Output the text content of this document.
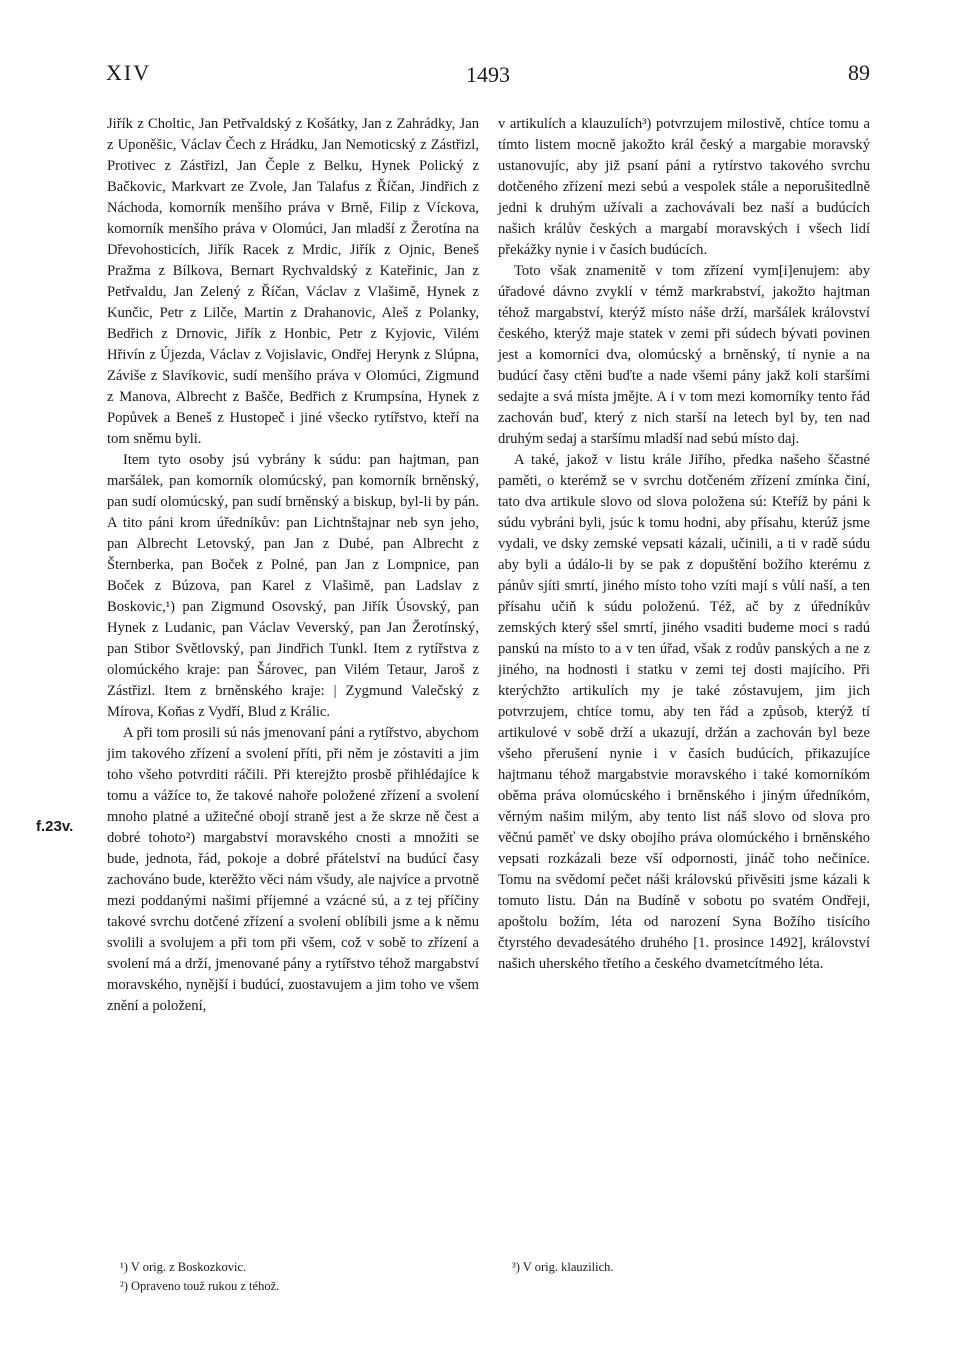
XIV	1493	89
f.23v.

Jiřík z Choltic, Jan Petřvaldský z Košátky, Jan z Zahrádky, Jan z Uponěšic, Václav Čech z Hrádku, Jan Nemoticský z Zástřizl, Protivec z Zástřizl, Jan Čeple z Belku, Hynek Polický z Bačkovic, Markvart ze Zvole, Jan Talafus z Říčan, Jindřich z Náchoda, komorník menšího práva v Brně, Filip z Víckova, komorník menšího práva v Olomúci, Jan mladší z Žerotína na Dřevohosticích, Jiřík Racek z Mrdic, Jiřík z Ojnic, Beneš Pražma z Bílkova, Bernart Rychvaldský z Kateřinic, Jan z Petřvaldu, Jan Zelený z Říčan, Václav z Vlašimě, Hynek z Kunčic, Petr z Lilče, Martin z Drahanovic, Aleš z Polanky, Bedřich z Drnovic, Jiřík z Honbic, Petr z Kyjovic, Vilém Hřivín z Újezda, Václav z Vojislavic, Ondřej Herynk z Slúpna, Záviše z Slavíkovic, sudí menšího práva v Olomúci, Zigmund z Manova, Albrecht z Bašče, Bedřich z Krumpsína, Hynek z Popůvek a Beneš z Hustopeč i jiné všecko rytířstvo, kteří na tom sněmu byli.

Item tyto osoby jsú vybrány k súdu: pan hajtman, pan maršálek, pan komorník olomúcský, pan komorník brněnský, pan sudí olomúcský, pan sudí brněnský a biskup, byl-li by pán. A tito páni krom úředníkův: pan Lichtnštajnar neb syn jeho, pan Albrecht Letovský, pan Jan z Dubé, pan Albrecht z Šternberka, pan Boček z Polné, pan Jan z Lompnice, pan Boček z Búzova, pan Karel z Vlašimě, pan Ladslav z Boskovic,¹) pan Zigmund Osovský, pan Jiřík Úsovský, pan Hynek z Ludanic, pan Václav Veverský, pan Jan Žerotínský, pan Stibor Světlovský, pan Jindřich Tunkl. Item z rytířstva z olomúckého kraje: pan Šárovec, pan Vilém Tetaur, Jaroš z Zástřizl. Item z brněnského kraje: | Zygmund Valečský z Mírova, Koňas z Vydří, Blud z Králic.

A při tom prosili sú nás jmenovaní páni a rytířstvo, abychom jim takového zřízení a svolení příti, při něm je zóstaviti a jim toho všeho potvrditi ráčili. Při kterejžto prosbě přihlédajíce k tomu a vážíce to, že takové nahoře položené zřízení a svolení mnoho platné a užitečné obojí straně jest a že skrze ně čest a dobré tohoto²) margabství moravského cnosti a množiti se bude, jednota, řád, pokoje a dobré přátelství na budúcí časy zachováno bude, kterěžto věci nám všudy, ale najvíce a prvotně mezi poddanými našimi příjemné a vzácné sú, a z tej příčiny takové svrchu dotčené zřízení a svolení oblíbili jsme a k němu svolili a svolujem a při tom při všem, což v sobě to zřízení a svolení má a drží, jmenované pány a rytířstvo téhož margabství moravského, nynější i budúcí, zuostavujem a jim toho ve všem znění a položení,

v artikulích a klauzulích³) potvrzujem milostivě, chtíce tomu a tímto listem mocně jakožto král český a margabie moravský ustanovujíc, aby již psaní páni a rytírstvo takového svrchu dotčeného zřízení mezi sebú a vespolek stále a neporušitedlně jedni k druhým užívali a zachovávali bez naší a budúcích našich králův českých a margabí moravských i všech lidí překážky nynie i v časích budúcích.

Toto však znamenitě v tom zřízení vym[i]enujem: aby úřadové dávno zvyklí v témž markrabství, jakožto hajtman téhož margabství, kterýž místo náše drží, maršálek království českého, kterýž maje statek v zemi při súdech bývati povinen jest a komorníci dva, olomúcský a brněnský, tí nynie a na budúcí časy ctěni buďte a nade všemi pány jakž koli staršími sedajte a svá místa jmějte. A i v tom mezi komorníky tento řád zachován buď, který z nich starší na letech byl by, ten nad druhým sedaj a staršímu mladší nad sebú místo daj.

A také, jakož v listu krále Jiřího, předka našeho ščastné paměti, o kterémž se v svrchu dotčeném zřízení zmínka činí, tato dva artikule slovo od slova položena sú: Kteříž by páni k súdu vybráni byli, jsúc k tomu hodni, aby přísahu, kterúž jsme vydali, ve dsky zemské vepsati kázali, učinili, a ti v radě súdu aby byli a údálo-li by se pak z dopuštění božího kterému z pánův sjíti smrtí, jiného místo toho vzíti mají s vůlí naší, a ten přísahu učiň k súdu položenú. Též, ač by z úředníkův zemských který sšel smrtí, jiného vsaditi budeme moci s radú panskú na místo to a v ten úřad, však z rodův panských a ne z jiného, na hodnosti i statku v zemi tej dosti majícího. Při kterýchžto artikulích my je také zóstavujem, jim jich potvrzujem, chtíce tomu, aby ten řád a způsob, kterýž tí artikulové v sobě drží a ukazují, držán a zachován byl beze všeho přerušení nynie i v časích budúcích, přikazujíce hajtmanu téhož margabstvie moravského i také komorníkóm oběma práva olomúcského i brněnského i jiným úředníkóm, věrným našim milým, aby tento list náš slovo od slova pro věčnú paměť ve dsky obojího práva olomúckého i brněnského vepsati rozkázali beze vší odpornosti, jináč toho nečiníce. Tomu na svědomí pečet náši královskú přivěsiti jsme kázali k tomuto listu. Dán na Budíně v sobotu po svatém Ondřeji, apoštolu božím, léta od narození Syna Božího tisícího čtyrstého devadesátého druhého [1. prosince 1492], království našich uherského třetího a českého dvametcítmého léta.

¹) V orig. z Boskozkovic.

²) Opraveno touž rukou z téhož.

³) V orig. klauzilich.
